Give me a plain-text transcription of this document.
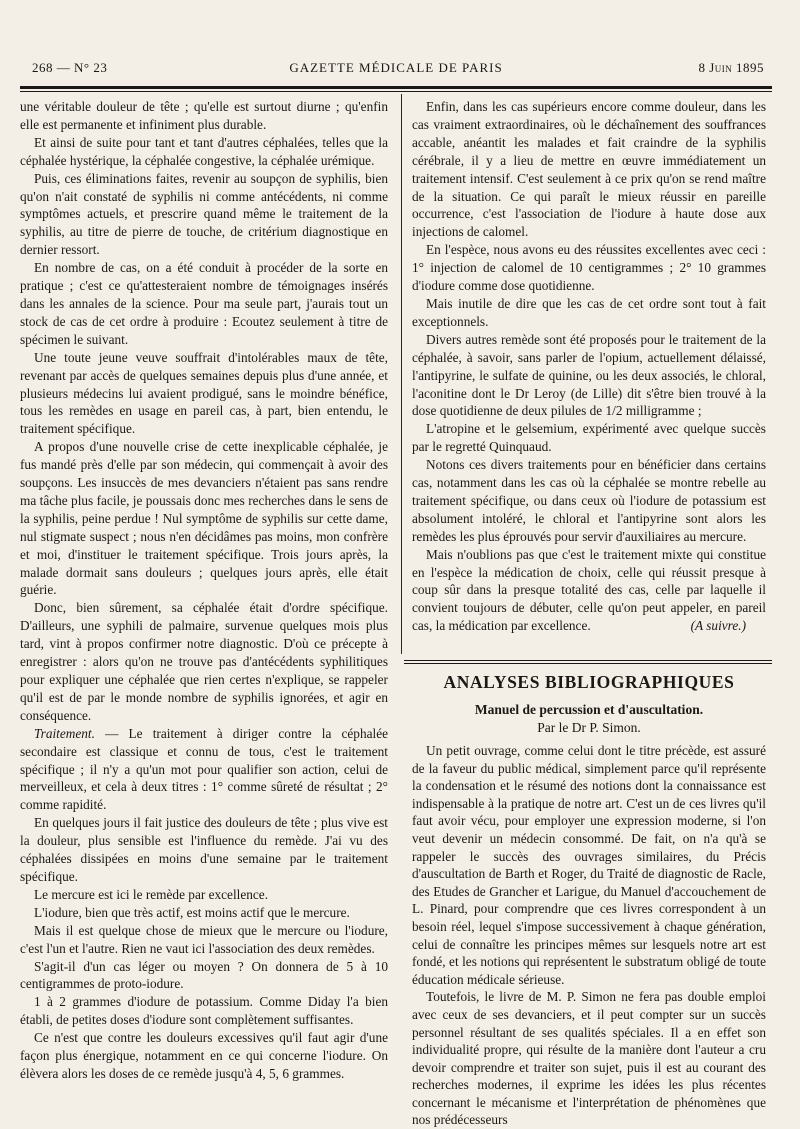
268 — N° 23	GAZETTE MÉDICALE DE PARIS	8 Juin 1895

une véritable douleur de tête ; qu'elle est surtout diurne ; qu'enfin elle est permanente et infiniment plus durable.

Et ainsi de suite pour tant et tant d'autres céphalées, telles que la céphalée hystérique, la céphalée congestive, la céphalée urémique.

Puis, ces éliminations faites, revenir au soupçon de syphilis, bien qu'on n'ait constaté de syphilis ni comme antécédents, ni comme symptômes actuels, et prescrire quand même le traitement de la syphilis, au titre de pierre de touche, de critérium diagnostique en dernier ressort.

En nombre de cas, on a été conduit à procéder de la sorte en pratique ; c'est ce qu'attesteraient nombre de témoignages insérés dans les annales de la science. Pour ma seule part, j'aurais tout un stock de cas de cet ordre à produire : Ecoutez seulement à titre de spécimen le suivant.

Une toute jeune veuve souffrait d'intolérables maux de tête, revenant par accès de quelques semaines depuis plus d'une année, et plusieurs médecins lui avaient prodigué, sans le moindre bénéfice, tous les remèdes en usage en pareil cas, à part, bien entendu, le traitement spécifique.

A propos d'une nouvelle crise de cette inexplicable céphalée, je fus mandé près d'elle par son médecin, qui commençait à avoir des soupçons. Les insuccès de mes devanciers n'étaient pas sans rendre ma tâche plus facile, je poussais donc mes recherches dans le sens de la syphilis, peine perdue ! Nul symptôme de syphilis sur cette dame, nul stigmate suspect ; nous n'en décidâmes pas moins, mon confrère et moi, d'instituer le traitement spécifique. Trois jours après, la malade dormait sans douleurs ; quelques jours après, elle était guérie.

Donc, bien sûrement, sa céphalée était d'ordre spécifique. D'ailleurs, une syphili de palmaire, survenue quelques mois plus tard, vint à propos confirmer notre diagnostic. D'où ce précepte à enregistrer : alors qu'on ne trouve pas d'antécédents syphilitiques pour expliquer une céphalée que rien certes n'explique, se rappeler qu'il est de par le monde nombre de syphilis ignorées, et agir en conséquence.

Traitement. — Le traitement à diriger contre la céphalée secondaire est classique et connu de tous, c'est le traitement spécifique ; il n'y a qu'un mot pour qualifier son action, celui de merveilleux, et cela à deux titres : 1° comme sûreté de résultat ; 2° comme rapidité.

En quelques jours il fait justice des douleurs de tête ; plus vive est la douleur, plus sensible est l'influence du remède. J'ai vu des céphalées dissipées en moins d'une semaine par le traitement spécifique.

Le mercure est ici le remède par excellence.

L'iodure, bien que très actif, est moins actif que le mercure.

Mais il est quelque chose de mieux que le mercure ou l'iodure, c'est l'un et l'autre. Rien ne vaut ici l'association des deux remèdes.

S'agit-il d'un cas léger ou moyen ? On donnera de 5 à 10 centigrammes de proto-iodure.

1 à 2 grammes d'iodure de potassium. Comme Diday l'a bien établi, de petites doses d'iodure sont complètement suffisantes.

Ce n'est que contre les douleurs excessives qu'il faut agir d'une façon plus énergique, notamment en ce qui concerne l'iodure. On élèvera alors les doses de ce remède jusqu'à 4, 5, 6 grammes.

Enfin, dans les cas supérieurs encore comme douleur, dans les cas vraiment extraordinaires, où le déchaînement des souffrances accable, anéantit les malades et fait craindre de la syphilis cérébrale, il y a lieu de mettre en œuvre immédiatement un traitement intensif. C'est seulement à ce prix qu'on se rend maître de la situation. Ce qui paraît le mieux réussir en pareille occurrence, c'est l'association de l'iodure à haute dose aux injections de calomel.

En l'espèce, nous avons eu des réussites excellentes avec ceci : 1° injection de calomel de 10 centigrammes ; 2° 10 grammes d'iodure comme dose quotidienne.

Mais inutile de dire que les cas de cet ordre sont tout à fait exceptionnels.

Divers autres remède sont été proposés pour le traitement de la céphalée, à savoir, sans parler de l'opium, actuellement délaissé, l'antipyrine, le sulfate de quinine, ou les deux associés, le chloral, l'aconitine dont le Dr Leroy (de Lille) dit s'être bien trouvé à la dose quotidienne de deux pilules de 1/2 milligramme ;

L'atropine et le gelsemium, expérimenté avec quelque succès par le regretté Quinquaud.

Notons ces divers traitements pour en bénéficier dans certains cas, notamment dans les cas où la céphalée se montre rebelle au traitement spécifique, ou dans ceux où l'iodure de potassium est absolument intoléré, le chloral et l'antipyrine sont alors les remèdes les plus éprouvés pour servir d'auxiliaires au mercure.

Mais n'oublions pas que c'est le traitement mixte qui constitue en l'espèce la médication de choix, celle qui réussit presque à coup sûr dans la presque totalité des cas, celle par laquelle il convient toujours de débuter, celle qu'on peut appeler, en pareil cas, la médication par excellence.	(A suivre.)

ANALYSES BIBLIOGRAPHIQUES
Manuel de percussion et d'auscultation.
Par le Dr P. Simon.

Un petit ouvrage, comme celui dont le titre précède, est assuré de la faveur du public médical, simplement parce qu'il représente la condensation et le résumé des notions dont la connaissance est indispensable à la pratique de notre art. C'est un de ces livres qu'il faut avoir vécu, pour employer une expression moderne, si l'on veut devenir un médecin consommé. De fait, on n'a qu'à se rappeler le succès des ouvrages similaires, du Précis d'auscultation de Barth et Roger, du Traité de diagnostic de Racle, des Etudes de Grancher et Larigue, du Manuel d'accouchement de L. Pinard, pour comprendre que ces livres correspondent à un besoin réel, lequel s'impose successivement à chaque génération, celui de connaître les principes mêmes sur lesquels notre art est fondé, et les notions qui représentent le substratum obligé de toute éducation médicale sérieuse.

Toutefois, le livre de M. P. Simon ne fera pas double emploi avec ceux de ses devanciers, et il peut compter sur un succès personnel résultant de ses qualités spéciales. Il a en effet son individualité propre, qui résulte de la manière dont l'auteur a cru devoir comprendre et traiter son sujet, puis il est au courant des recherches modernes, il exprime les idées les plus récentes concernant le mécanisme et l'interprétation de phénomènes que nos prédécesseurs
